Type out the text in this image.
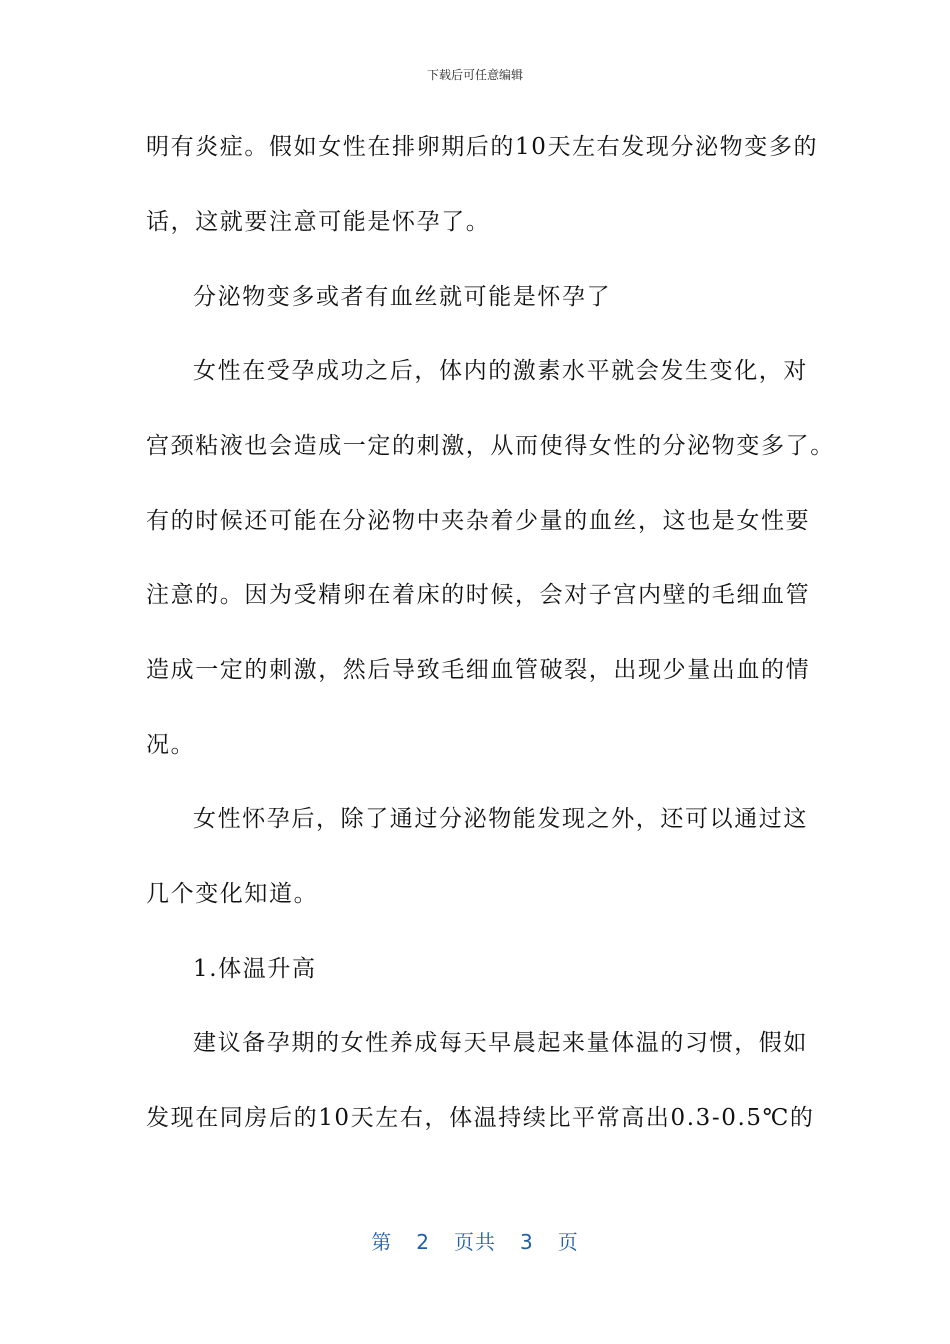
下载后可任意编辑
明有炎症。假如女性在排卵期后的10天左右发现分泌物变多的
话，这就要注意可能是怀孕了。
分泌物变多或者有血丝就可能是怀孕了
女性在受孕成功之后，体内的激素水平就会发生变化，对
宫颈粘液也会造成一定的刺激，从而使得女性的分泌物变多了。
有的时候还可能在分泌物中夹杂着少量的血丝，这也是女性要
注意的。因为受精卵在着床的时候，会对子宫内壁的毛细血管
造成一定的刺激，然后导致毛细血管破裂，出现少量出血的情
况。
女性怀孕后，除了通过分泌物能发现之外，还可以通过这
几个变化知道。
1.体温升高
建议备孕期的女性养成每天早晨起来量体温的习惯，假如
发现在同房后的10天左右，体温持续比平常高出0.3-0.5℃的
第 2 页共 3 页
